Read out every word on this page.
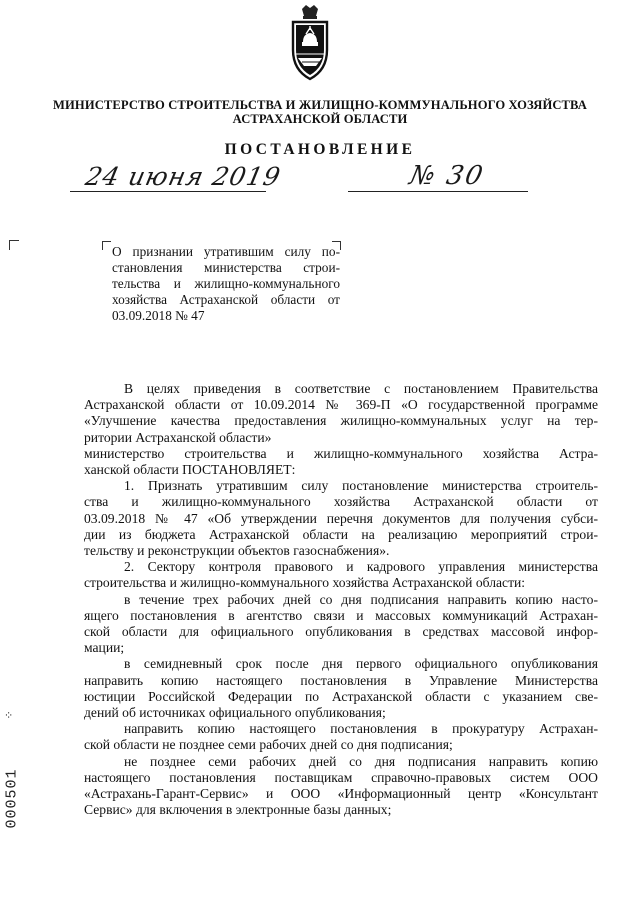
МИНИСТЕРСТВО СТРОИТЕЛЬСТВА И ЖИЛИЩНО-КОММУНАЛЬНОГО ХОЗЯЙСТВА
АСТРАХАНСКОЙ ОБЛАСТИ
ПОСТАНОВЛЕНИЕ
24 июня 2019	№ 30
О признании утратившим силу по-
становления министерства строи-
тельства и жилищно-коммунального
хозяйства Астраханской области от
03.09.2018 № 47
В целях приведения в соответствие с постановлением Правительства
Астраханской области от 10.09.2014 № 369-П «О государственной программе
«Улучшение качества предоставления жилищно-коммунальных услуг на тер-
ритории Астраханской области»
министерство строительства и жилищно-коммунального хозяйства Астра-
ханской области ПОСТАНОВЛЯЕТ:
1. Признать утратившим силу постановление министерства строитель-
ства и жилищно-коммунального хозяйства Астраханской области от
03.09.2018 № 47 «Об утверждении перечня документов для получения субси-
дии из бюджета Астраханской области на реализацию мероприятий строи-
тельству и реконструкции объектов газоснабжения».
2. Сектору контроля правового и кадрового управления министерства
строительства и жилищно-коммунального хозяйства Астраханской области:
в течение трех рабочих дней со дня подписания направить копию насто-
ящего постановления в агентство связи и массовых коммуникаций Астрахан-
ской области для официального опубликования в средствах массовой инфор-
мации;
в семидневный срок после дня первого официального опубликования
направить копию настоящего постановления в Управление Министерства
юстиции Российской Федерации по Астраханской области с указанием све-
дений об источниках официального опубликования;
направить копию настоящего постановления в прокуратуру Астрахан-
ской области не позднее семи рабочих дней со дня подписания;
не позднее семи рабочих дней со дня подписания направить копию
настоящего постановления поставщикам справочно-правовых систем ООО
«Астрахань-Гарант-Сервис» и ООО «Информационный центр «Консультант
Сервис» для включения в электронные базы данных;
⁘
000501
